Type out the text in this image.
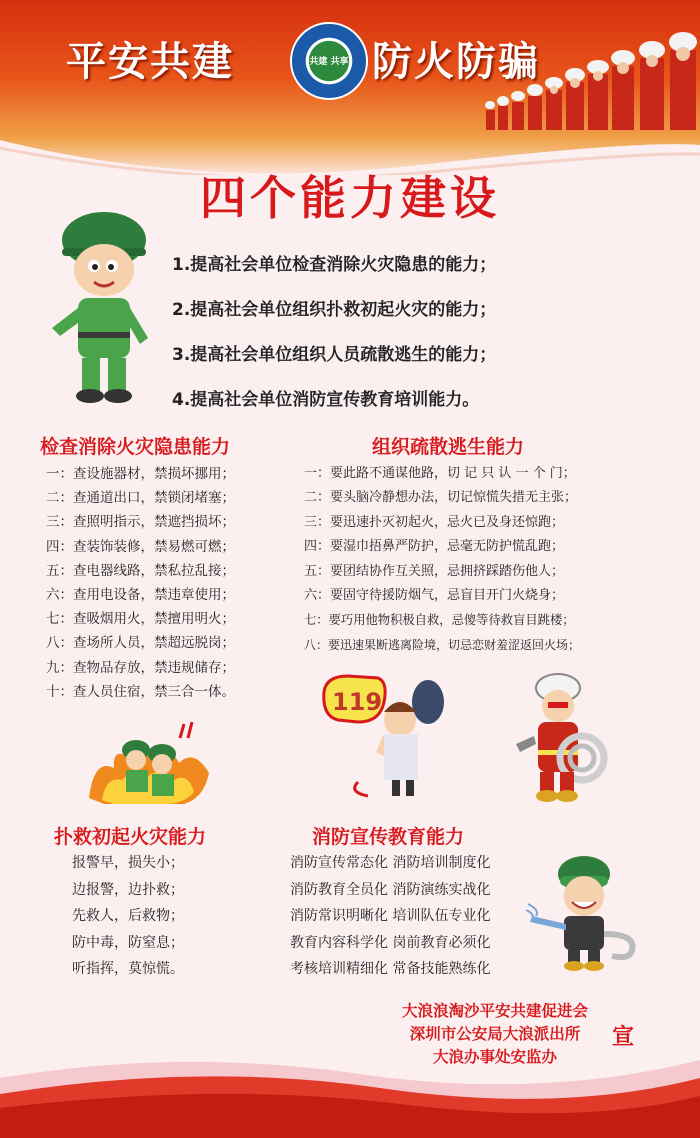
平安共建	共建 共享 防火防骗
四个能力建设
1.提高社会单位检查消除火灾隐患的能力；
2.提高社会单位组织扑救初起火灾的能力；
3.提高社会单位组织人员疏散逃生的能力；
4.提高社会单位消防宣传教育培训能力。
检查消除火灾隐患能力
一：查设施器材，禁损坏挪用；
二：查通道出口，禁锁闭堵塞；
三：查照明指示，禁遮挡损坏；
四：查装饰装修，禁易燃可燃；
五：查电器线路，禁私拉乱接；
六：查用电设备，禁违章使用；
七：查吸烟用火，禁擅用明火；
八：查场所人员，禁超远脱岗；
九：查物品存放，禁违规储存；
十：查人员住宿，禁三合一体。
组织疏散逃生能力
一：要此路不通谋他路，切 记 只 认 一 个 门；
二：要头脑冷静想办法，切记惊慌失措无主张；
三：要迅速扑灭初起火，忌火已及身还惊跑；
四：要湿巾捂鼻严防护，忌毫无防护慌乱跑；
五：要团结协作互关照，忌拥挤踩踏伤他人；
六：要固守待援防烟气，忌盲目开门火烧身；
七：要巧用他物积极自救，忌傻等待救盲目跳楼；
八：要迅速果断逃离险境，切忌恋财羞涩返回火场；
119
扑救初起火灾能力
报警早，损失小；
边报警，边扑救；
先救人，后救物；
防中毒，防窒息；
听指挥，莫惊慌。
消防宣传教育能力
消防宣传常态化 消防培训制度化
消防教育全员化 消防演练实战化
消防常识明晰化 培训队伍专业化
教育内容科学化 岗前教育必须化
考核培训精细化 常备技能熟练化
大浪浪淘沙平安共建促进会
深圳市公安局大浪派出所
大浪办事处安监办
宣
